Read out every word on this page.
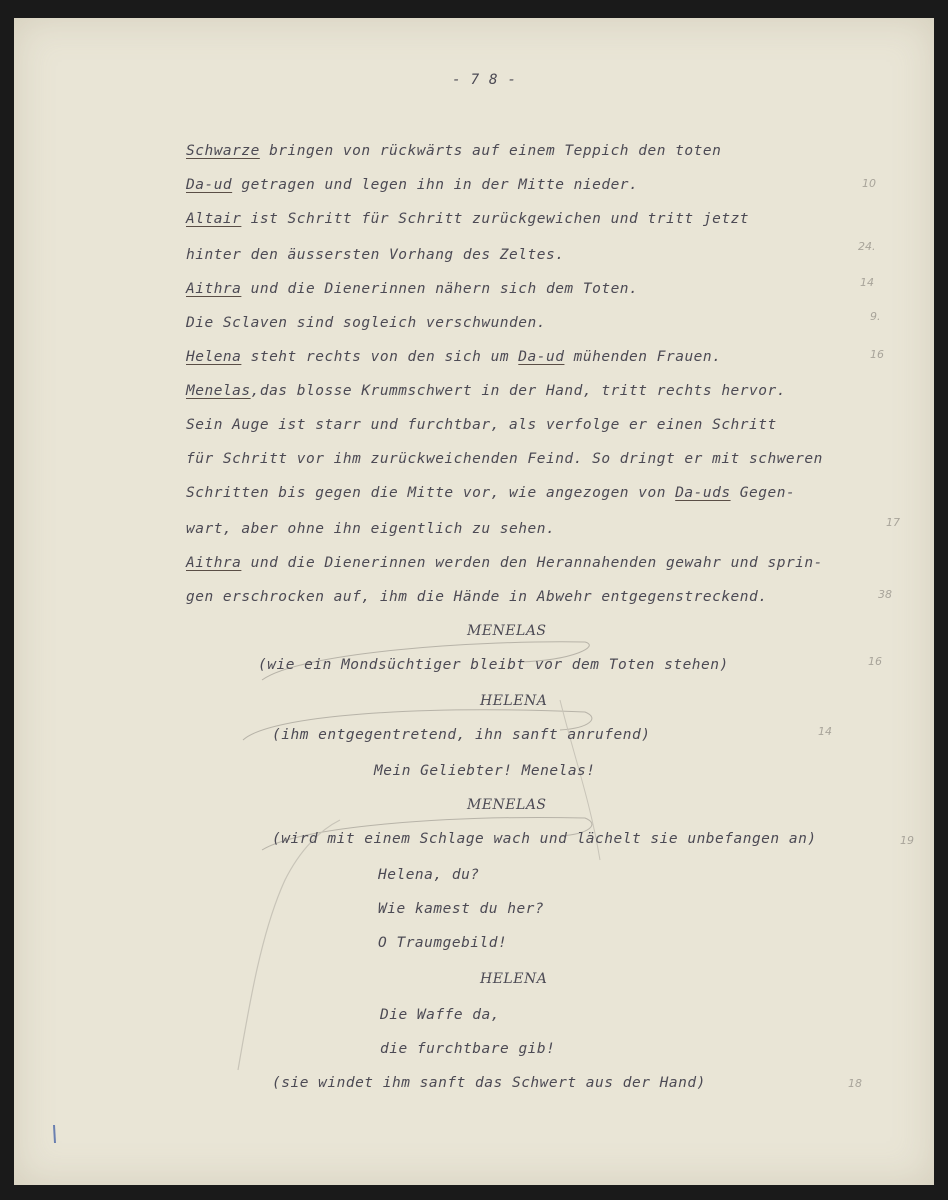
- 7 8 -
Schwarze bringen von rückwärts auf einem Teppich den toten
Da-ud getragen und legen ihn in der Mitte nieder.
Altair ist Schritt für Schritt zurückgewichen und tritt jetzt
hinter den äussersten Vorhang des Zeltes.
Aithra und die Dienerinnen nähern sich dem Toten.
Die Sclaven sind sogleich verschwunden.
Helena steht rechts von den sich um Da-ud mühenden Frauen.
Menelas,das blosse Krummschwert in der Hand, tritt rechts hervor.
Sein Auge ist starr und furchtbar, als verfolge er einen Schritt
für Schritt vor ihm zurückweichenden Feind. So dringt er mit schweren
Schritten bis gegen die Mitte vor, wie angezogen von Da-uds Gegen-
wart, aber ohne ihn eigentlich zu sehen.
Aithra und die Dienerinnen werden den Herannahenden gewahr und sprin-
gen erschrocken auf, ihm die Hände in Abwehr entgegenstreckend.
MENELAS
(wie ein Mondsüchtiger bleibt vor dem Toten stehen)
HELENA
(ihm entgegentretend, ihn sanft anrufend)
Mein Geliebter! Menelas!
MENELAS
(wird mit einem Schlage wach und lächelt sie unbefangen an)
Helena, du?
Wie kamest du her?
O Traumgebild!
HELENA
Die Waffe da,
die furchtbare gib!
(sie windet ihm sanft das Schwert aus der Hand)
10
24.
14
9.
16
17
38
16
14
19
18
